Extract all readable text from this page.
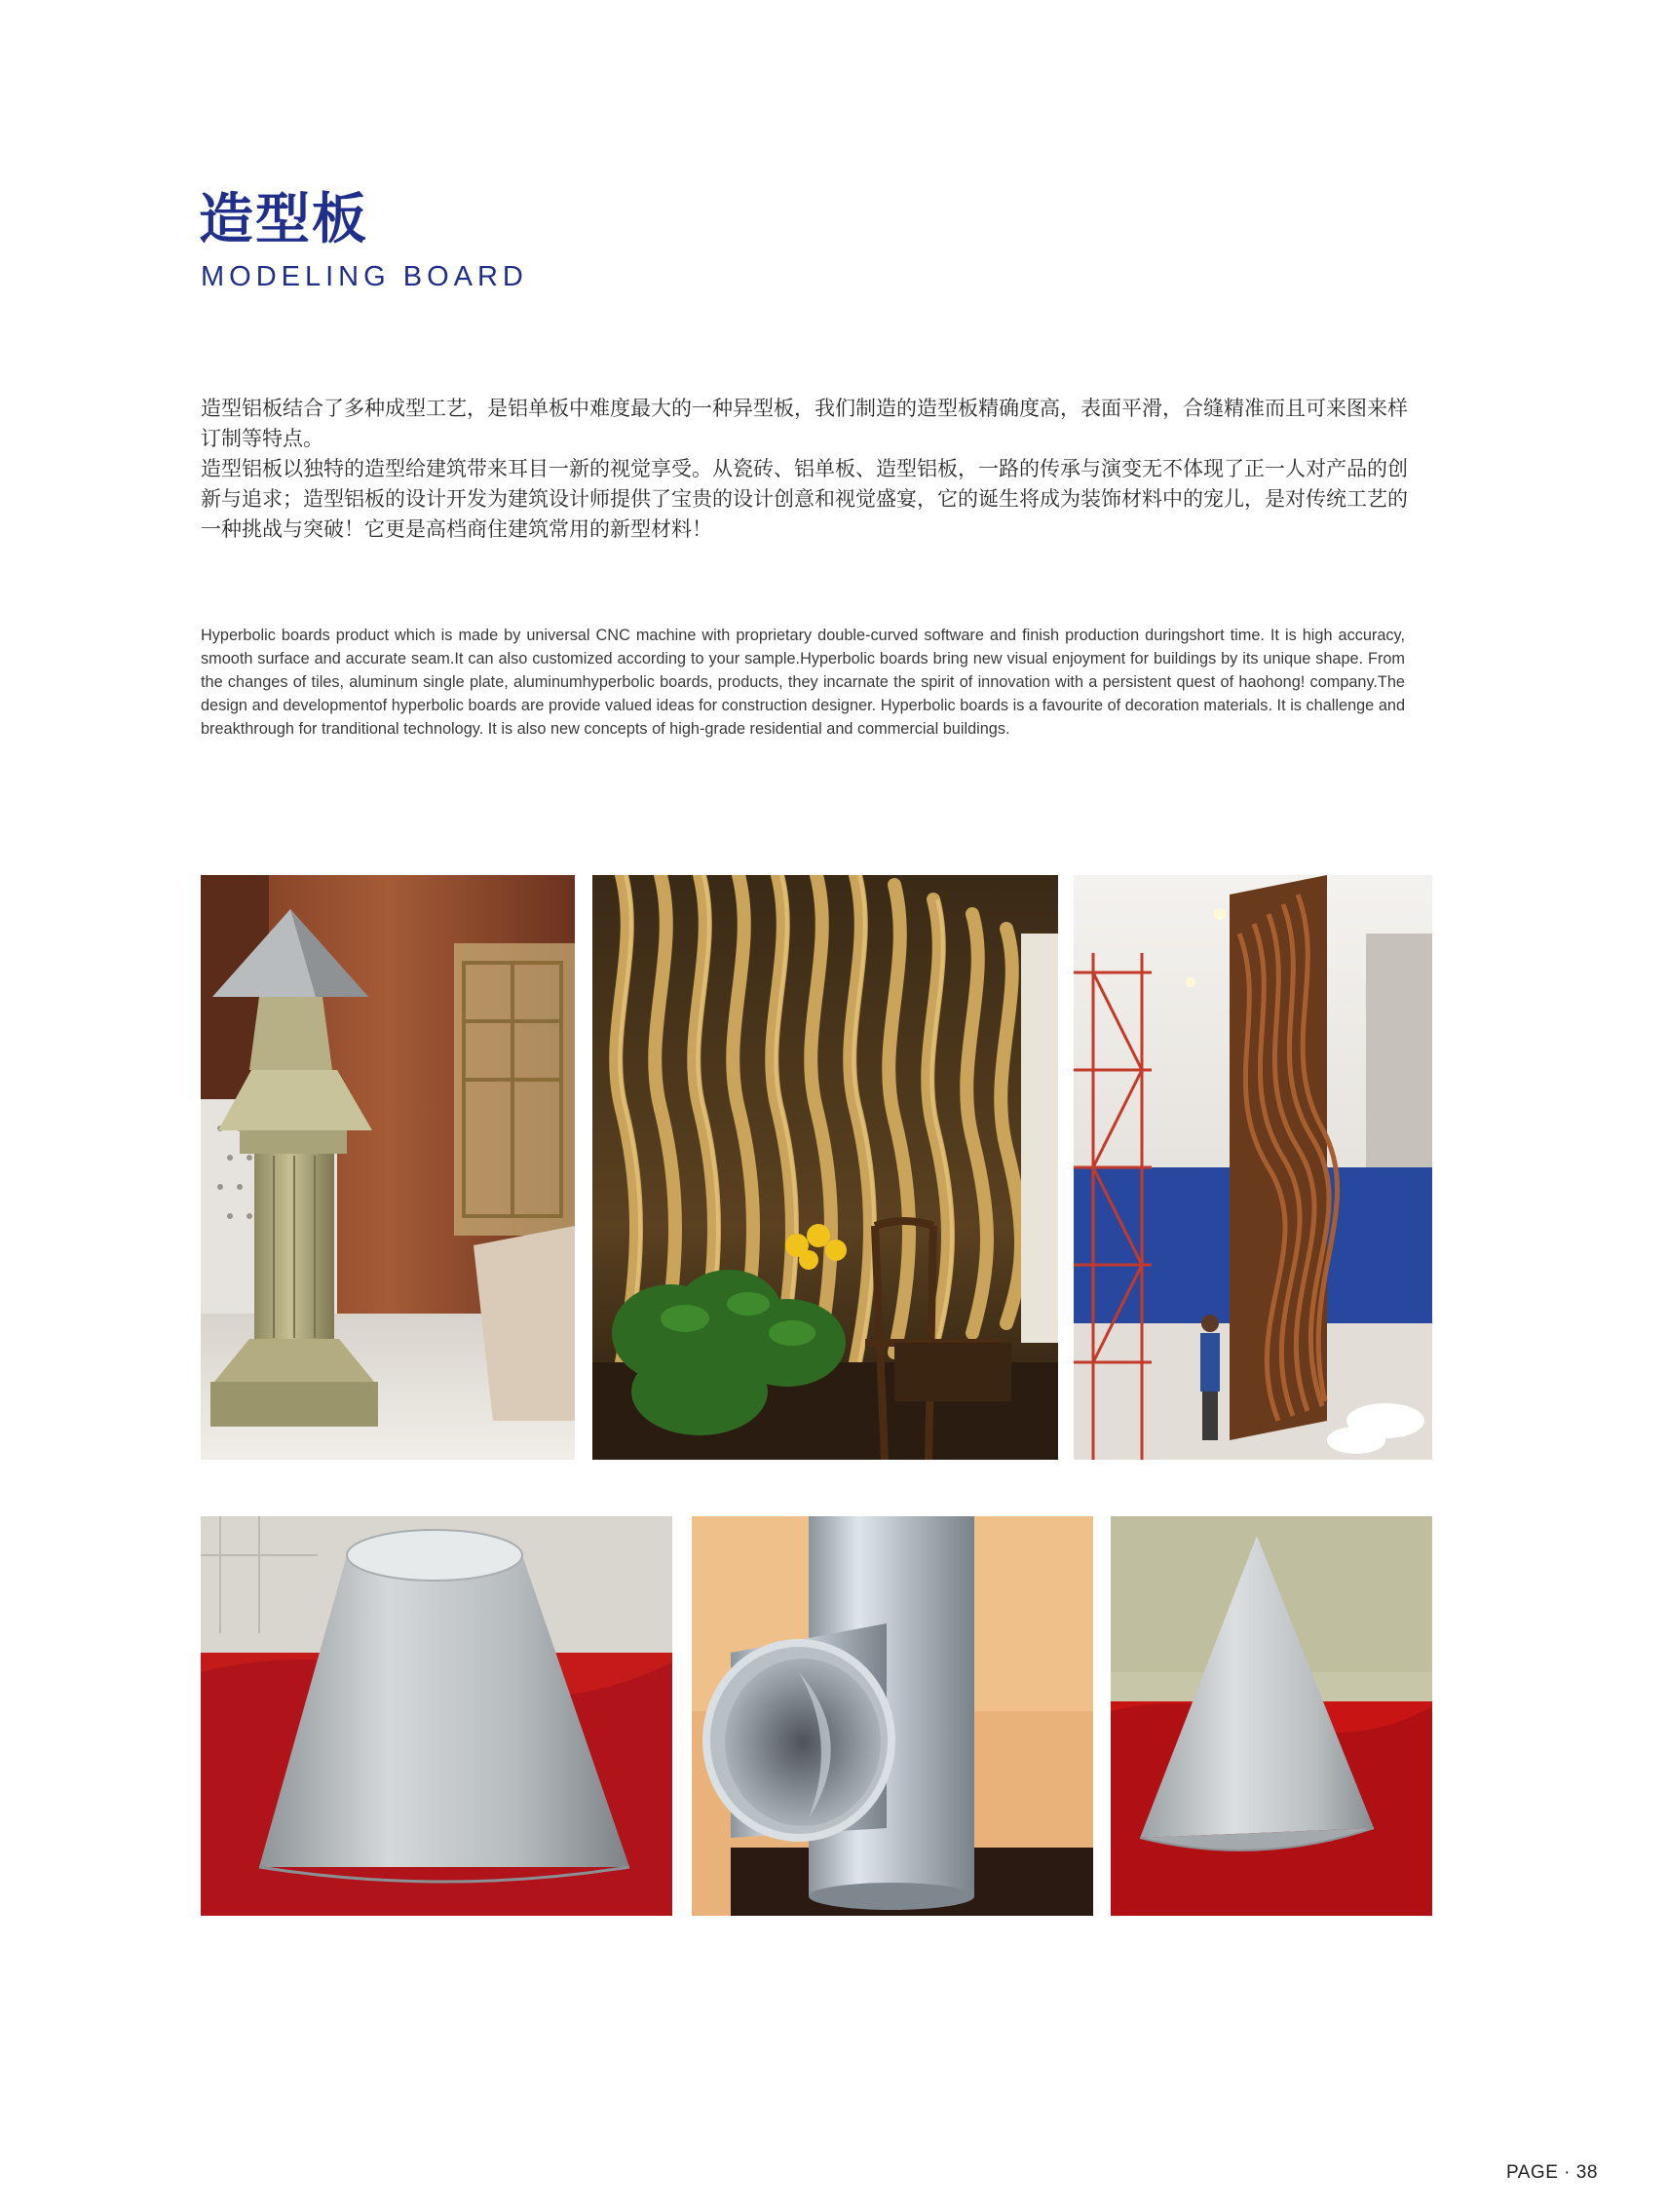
造型板
MODELING BOARD

造型铝板结合了多种成型工艺，是铝单板中难度最大的一种异型板，我们制造的造型板精确度高，表面平滑，合缝精准而且可来图来样订制等特点。

造型铝板以独特的造型给建筑带来耳目一新的视觉享受。从瓷砖、铝单板、造型铝板，一路的传承与演变无不体现了正一人对产品的创新与追求；造型铝板的设计开发为建筑设计师提供了宝贵的设计创意和视觉盛宴，它的诞生将成为装饰材料中的宠儿，是对传统工艺的一种挑战与突破！它更是高档商住建筑常用的新型材料！

Hyperbolic boards product which is made by universal CNC machine with proprietary double-curved software and finish production duringshort time. It is high accuracy, smooth surface and accurate seam.It can also customized according to your sample.Hyperbolic boards bring new visual enjoyment for buildings by its unique shape. From the changes of tiles, aluminum single plate, aluminumhyperbolic boards, products, they incarnate the spirit of innovation with a persistent quest of haohong! company.The design and developmentof hyperbolic boards are provide valued ideas for construction designer. Hyperbolic boards is a favourite of decoration materials. It is challenge and breakthrough for tranditional technology. It is also new concepts of high-grade residential and commercial buildings.

PAGE · 38
